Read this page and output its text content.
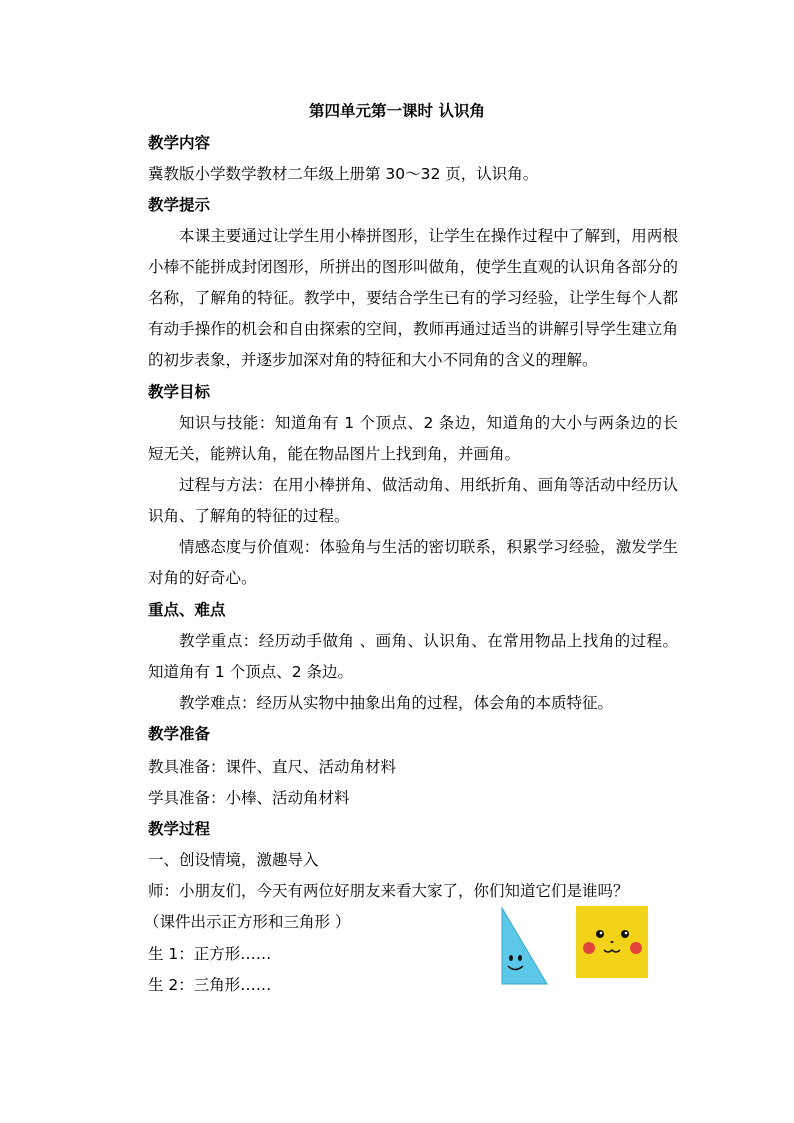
第四单元第一课时 认识角
教学内容
冀教版小学数学教材二年级上册第 30～32 页，认识角。
教学提示
本课主要通过让学生用小棒拼图形，让学生在操作过程中了解到，用两根小棒不能拼成封闭图形，所拼出的图形叫做角，使学生直观的认识角各部分的名称，了解角的特征。教学中，要结合学生已有的学习经验，让学生每个人都有动手操作的机会和自由探索的空间，教师再通过适当的讲解引导学生建立角的初步表象，并逐步加深对角的特征和大小不同角的含义的理解。
教学目标
知识与技能：知道角有 1 个顶点、2 条边，知道角的大小与两条边的长短无关，能辨认角，能在物品图片上找到角，并画角。
过程与方法：在用小棒拼角、做活动角、用纸折角、画角等活动中经历认识角、了解角的特征的过程。
情感态度与价值观：体验角与生活的密切联系，积累学习经验，激发学生对角的好奇心。
重点、难点
教学重点：经历动手做角 、画角、认识角、在常用物品上找角的过程。知道角有 1 个顶点、2 条边。
教学难点：经历从实物中抽象出角的过程，体会角的本质特征。
教学准备
教具准备：课件、直尺、活动角材料
学具准备：小棒、活动角材料
教学过程
一、创设情境，激趣导入
师：小朋友们，今天有两位好朋友来看大家了，你们知道它们是谁吗？
（课件出示正方形和三角形 ）
生 1：正方形……
生 2：三角形……
